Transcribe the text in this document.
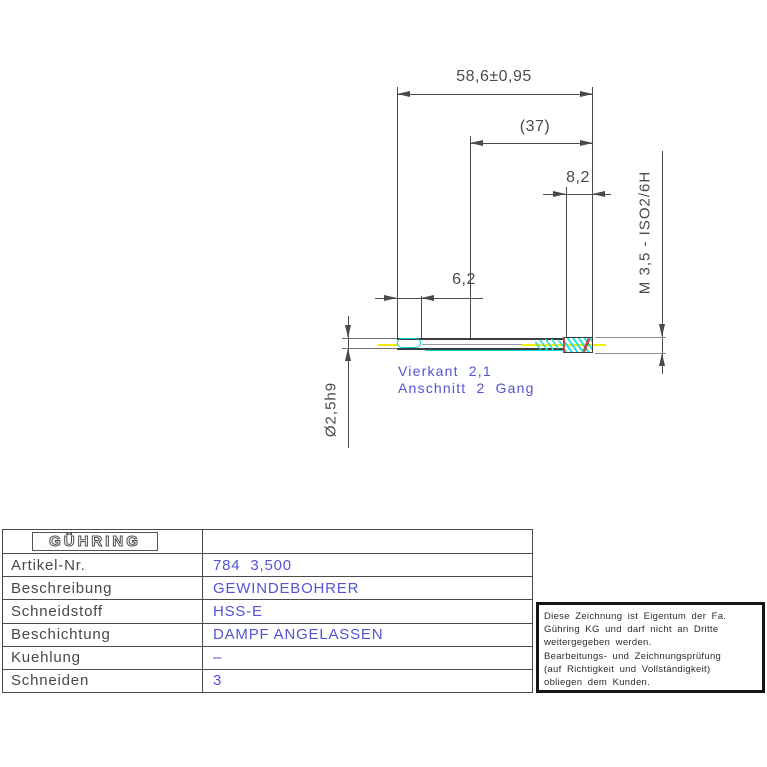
58,6±0,95
(37)
8,2
6,2
Ø2,5h9
M 3,5 - ISO2/6H
Vierkant 2,1
Anschnitt 2 Gang
GÜHRING
Artikel-Nr.	784  3,500
Beschreibung	GEWINDEBOHRER
Schneidstoff	HSS-E
Beschichtung	DAMPF ANGELASSEN
Kuehlung	–
Schneiden	3
Diese Zeichnung ist Eigentum der Fa.
Gühring KG und darf nicht an Dritte
weitergegeben werden.
Bearbeitungs- und Zeichnungsprüfung
(auf Richtigkeit und Vollständigkeit)
obliegen dem Kunden.
